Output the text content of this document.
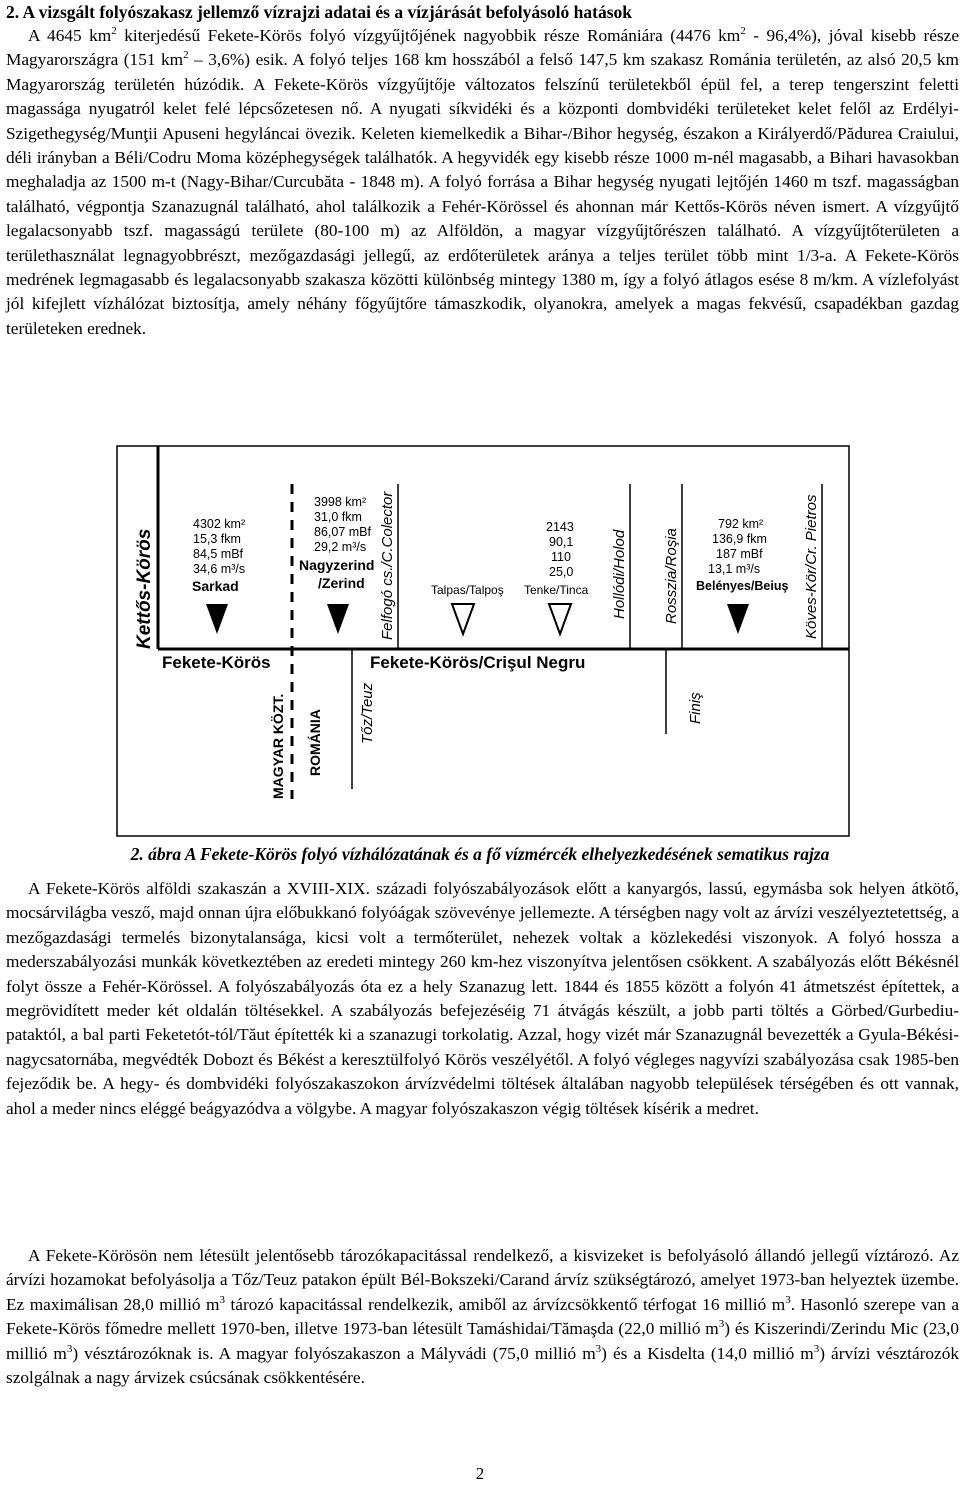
2. A vizsgált folyószakasz jellemző vízrajzi adatai és a vízjárását befolyásoló hatások
A 4645 $km^2$ kiterjedésű Fekete-Körös folyó vízgyűjtőjének nagyobbik része Romániára (4476 $km^2 - 96,4\%$), jóval kisebb része Magyarországra (151 $km^2 - 3,6\%$) esik. A folyó teljes 168 km hosszából a felső 147,5 km szakasz Románia területén, az alsó 20,5 km Magyarország területén húzódik. A Fekete-Körös vízgyűjtője változatos felszínű területekből épül fel, a terep tengerszint feletti magassága nyugatról kelet felé lépcsőzetesen nő. A nyugati síkvidéki és a központi dombvidéki területeket kelet felől az Erdélyi-Szigethegység/Munţii Apuseni hegyláncai övezik. Keleten kiemelkedik a Bihar-/Bihor hegység, északon a Királyerdő/Pădurea Craiului, déli irányban a Béli/Codru Moma középhegységek találhatók. A hegyvidék egy kisebb része 1000 m-nél magasabb, a Bihari havasokban meghaladja az 1500 m-t (Nagy-Bihar/Curcubăta - 1848 m). A folyó forrása a Bihar hegység nyugati lejtőjén 1460 m tszf. magasságban található, végpontja Szanazugnál található, ahol találkozik a Fehér-Körössel és ahonnan már Kettős-Körös néven ismert. A vízgyűjtő legalacsonyabb tszf. magasságú területe (80-100 m) az Alföldön, a magyar vízgyűjtőrészen található. A vízgyűjtőterületen a területhasználat legnagyobbrészt, mezőgazdasági jellegű, az erdőterületek aránya a teljes terület több mint 1/3-a. A Fekete-Körös medrének legmagasabb és legalacsonyabb szakasza közötti különbség mintegy 1380 m, így a folyó átlagos esése 8 m/km. A vízlefolyást jól kifejlett vízhálózat biztosítja, amely néhány főgyűjtőre támaszkodik, olyanokra, amelyek a magas fekvésű, csapadékban gazdag területeken erednek.
Kettős-Körös
Fekete-Körös	Fekete-Körös/Crişul Negru
MAGYAR KÖZT. ROMÁNIA
4302 km²
15,3 fkm
84,5 mBf
34,6 m³/s
Sarkad
3998 km²
31,0 fkm
86,07 mBf
29,2 m³/s
Nagyzerind
/Zerind Felfogó cs./C.Colector	2143
90,1
110
25,0
Talpas/Talpoş Tenke/Tinca Hollódi/Holod Rosszia/Roşia
792 km²
136,9 fkm
187 mBf
13,1 m³/s
Belényes/Beiuş Köves-Kör/Cr. Pietros
Tőz/Teuz	Finiş
2. ábra A Fekete-Körös folyó vízhálózatának és a fő vízmércék elhelyezkedésének sematikus rajza
A Fekete-Körös alföldi szakaszán a XVIII-XIX. századi folyószabályozások előtt a kanyargós, lassú, egymásba sok helyen átkötő, mocsárvilágba vesző, majd onnan újra előbukkanó folyóágak szövevénye jellemezte. A térségben nagy volt az árvízi veszélyeztetettség, a mezőgazdasági termelés bizonytalansága, kicsi volt a termőterület, nehezek voltak a közlekedési viszonyok. A folyó hossza a mederszabályozási munkák következtében az eredeti mintegy 260 km-hez viszonyítva jelentősen csökkent. A szabályozás előtt Békésnél folyt össze a Fehér-Körössel. A folyószabályozás óta ez a hely Szanazug lett. 1844 és 1855 között a folyón 41 átmetszést építettek, a megrövidített meder két oldalán töltésekkel. A szabályozás befejezéséig 71 átvágás készült, a jobb parti töltés a Görbed/Gurbediu-pataktól, a bal parti Feketetót-tól/Tăut építették ki a szanazugi torkolatig. Azzal, hogy vizét már Szanazugnál bevezették a Gyula-Békési-nagycsatornába, megvédték Dobozt és Békést a keresztülfolyó Körös veszélyétől. A folyó végleges nagyvízi szabályozása csak 1985-ben fejeződik be. A hegy- és dombvidéki folyószakaszokon árvízvédelmi töltések általában nagyobb települések térségében és ott vannak, ahol a meder nincs eléggé beágyazódva a völgybe. A magyar folyószakaszon végig töltések kísérik a medret.
A Fekete-Körösön nem létesült jelentősebb tározókapacitással rendelkező, a kisvizeket is befolyásoló állandó jellegű víztározó. Az árvízi hozamokat befolyásolja a Tőz/Teuz patakon épült Bél-Bokszeki/Carand árvíz szükségtározó, amelyet 1973-ban helyeztek üzembe. Ez maximálisan 28,0 millió $m^3$ tározó kapacitással rendelkezik, amiből az árvízcsökkentő térfogat 16 millió $m^3$. Hasonló szerepe van a Fekete-Körös főmedre mellett 1970-ben, illetve 1973-ban létesült Tamáshidai/Tămaşda (22,0 millió $m^3$) és Kiszerindi/Zerindu Mic (23,0 millió $m^3$) vésztározóknak is. A magyar folyószakaszon a Mályvádi (75,0 millió $m^3$) és a Kisdelta (14,0 millió $m^3$) árvízi vésztározók szolgálnak a nagy árvizek csúcsának csökkentésére.
2
